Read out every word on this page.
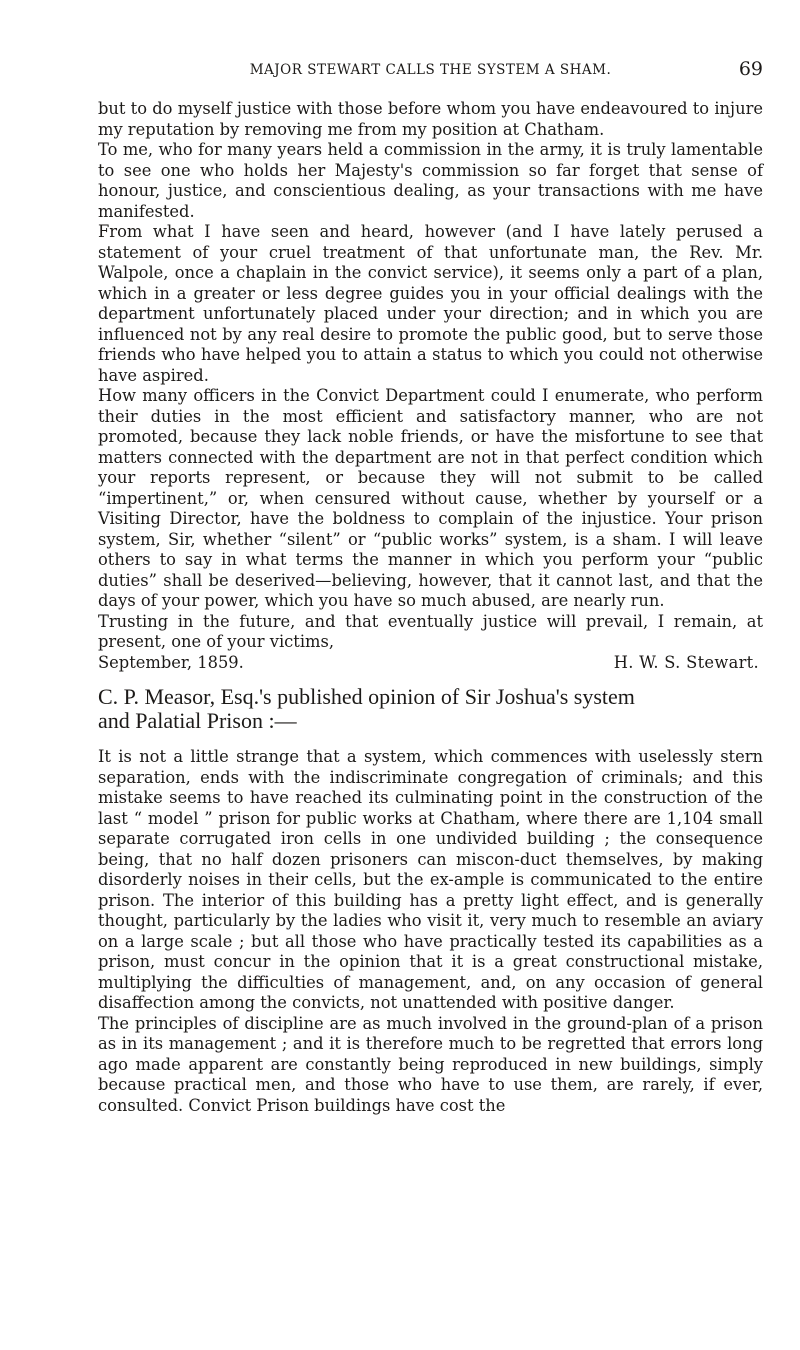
MAJOR STEWART CALLS THE SYSTEM A SHAM.	69

but to do myself justice with those before whom you have endeavoured to injure my reputation by removing me from my position at Chatham.

To me, who for many years held a commission in the army, it is truly lamentable to see one who holds her Majesty's commission so far forget that sense of honour, justice, and conscientious dealing, as your transactions with me have manifested.

From what I have seen and heard, however (and I have lately perused a statement of your cruel treatment of that unfortunate man, the Rev. Mr. Walpole, once a chaplain in the convict service), it seems only a part of a plan, which in a greater or less degree guides you in your official dealings with the department unfortunately placed under your direction; and in which you are influenced not by any real desire to promote the public good, but to serve those friends who have helped you to attain a status to which you could not otherwise have aspired.

How many officers in the Convict Department could I enumerate, who perform their duties in the most efficient and satisfactory manner, who are not promoted, because they lack noble friends, or have the misfortune to see that matters connected with the department are not in that perfect condition which your reports represent, or because they will not submit to be called “impertinent,” or, when censured without cause, whether by yourself or a Visiting Director, have the boldness to complain of the injustice. Your prison system, Sir, whether “silent” or “public works” system, is a sham. I will leave others to say in what terms the manner in which you perform your “public duties” shall be deserived—believing, however, that it cannot last, and that the days of your power, which you have so much abused, are nearly run.

Trusting in the future, and that eventually justice will prevail, I remain, at present, one of your victims,

September, 1859.	H. W. S. Stewart.
C. P. Measor, Esq.'s published opinion of Sir Joshua's system
and Palatial Prison :—

It is not a little strange that a system, which commences with uselessly stern separation, ends with the indiscriminate congregation of criminals; and this mistake seems to have reached its culminating point in the construction of the last “ model ” prison for public works at Chatham, where there are 1,104 small separate corrugated iron cells in one undivided building ; the consequence being, that no half dozen prisoners can miscon-duct themselves, by making disorderly noises in their cells, but the ex-ample is communicated to the entire prison. The interior of this building has a pretty light effect, and is generally thought, particularly by the ladies who visit it, very much to resemble an aviary on a large scale ; but all those who have practically tested its capabilities as a prison, must concur in the opinion that it is a great constructional mistake, multiplying the difficulties of management, and, on any occasion of general disaffection among the convicts, not unattended with positive danger.

The principles of discipline are as much involved in the ground-plan of a prison as in its management ; and it is therefore much to be regretted that errors long ago made apparent are constantly being reproduced in new buildings, simply because practical men, and those who have to use them, are rarely, if ever, consulted. Convict Prison buildings have cost the
